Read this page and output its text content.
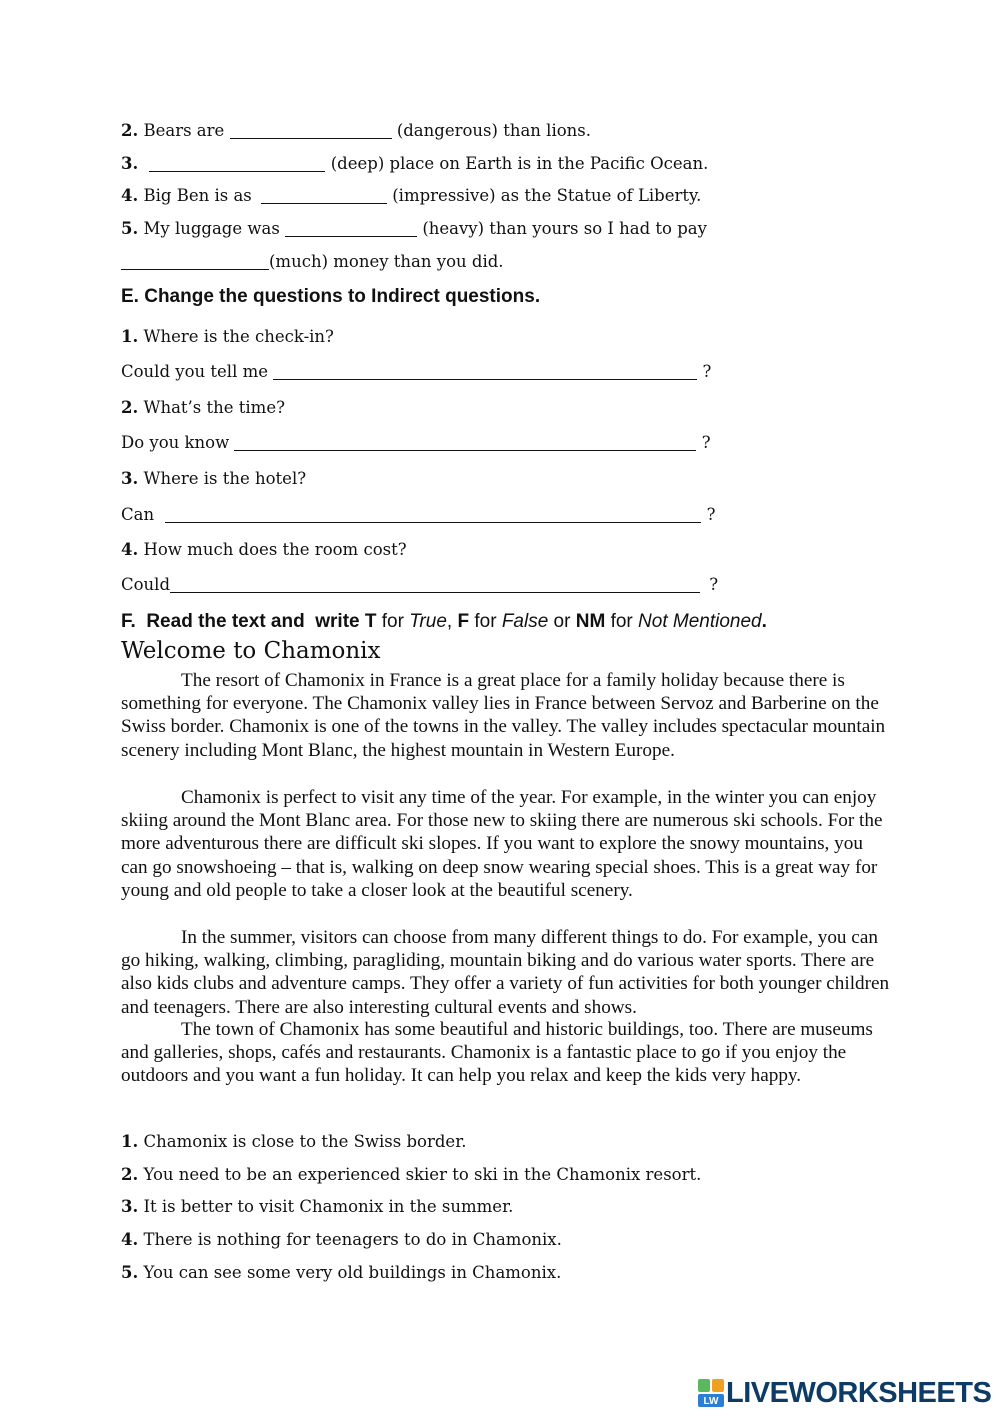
2. Bears are	(dangerous) than lions.
3.	(deep) place on Earth is in the Pacific Ocean.
4. Big Ben is as	(impressive) as the Statue of Liberty.
5. My luggage was	(heavy) than yours so I had to pay
(much) money than you did.
E. Change the questions to Indirect questions.
1. Where is the check-in?
Could you tell me	?
2. What’s the time?
Do you know	?
3. Where is the hotel?
Can	?
4. How much does the room cost?
Could	?
F.  Read the text and  write T for True, F for False or NM for Not Mentioned.
Welcome to Chamonix

The resort of Chamonix in France is a great place for a family holiday because there is something for everyone. The Chamonix valley lies in France between Servoz and Barberine on the Swiss border. Chamonix is one of the towns in the valley. The valley includes spectacular mountain scenery including Mont Blanc, the highest mountain in Western Europe.

Chamonix is perfect to visit any time of the year. For example, in the winter you can enjoy skiing around the Mont Blanc area. For those new to skiing there are numerous ski schools. For the more adventurous there are difficult ski slopes. If you want to explore the snowy mountains, you can go snowshoeing – that is, walking on deep snow wearing special shoes. This is a great way for young and old people to take a closer look at the beautiful scenery.

In the summer, visitors can choose from many different things to do. For example, you can go hiking, walking, climbing, paragliding, mountain biking and do various water sports. There are also kids clubs and adventure camps. They offer a variety of fun activities for both younger children and teenagers. There are also interesting cultural events and shows.

The town of Chamonix has some beautiful and historic buildings, too. There are museums and galleries, shops, cafés and restaurants. Chamonix is a fantastic place to go if you enjoy the outdoors and you want a fun holiday. It can help you relax and keep the kids very happy.

1. Chamonix is close to the Swiss border.
2. You need to be an experienced skier to ski in the Chamonix resort.
3. It is better to visit Chamonix in the summer.
4. There is nothing for teenagers to do in Chamonix.
5. You can see some very old buildings in Chamonix.
LW LIVEWORKSHEETS
